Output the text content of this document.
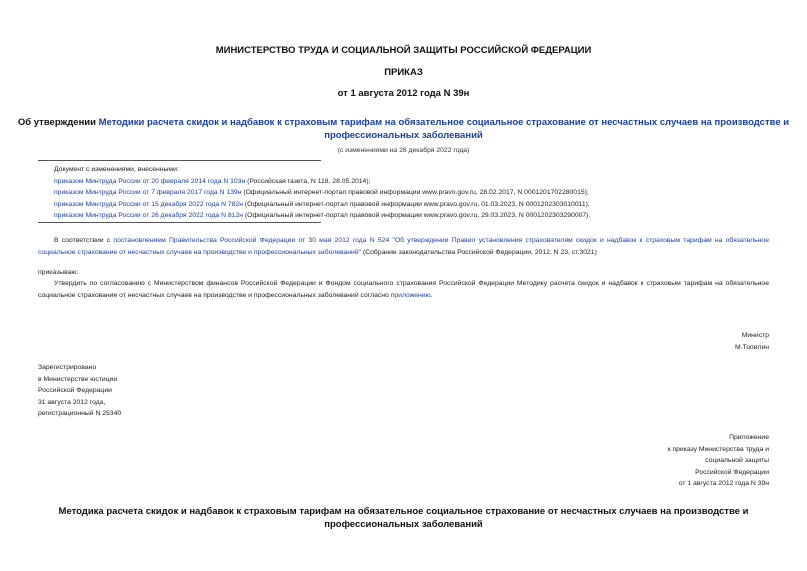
МИНИСТЕРСТВО ТРУДА И СОЦИАЛЬНОЙ ЗАЩИТЫ РОССИЙСКОЙ ФЕДЕРАЦИИ
ПРИКАЗ
от 1 августа 2012 года N 39н
Об утверждении Методики расчета скидок и надбавок к страховым тарифам на обязательное социальное страхование от несчастных случаев на производстве и
профессиональных заболеваний
(с изменениями на 26 декабря 2022 года)
Документ с изменениями, внесенными:
приказом Минтруда России от 20 февраля 2014 года N 103н (Российская газета, N 118, 28.05.2014);
приказом Минтруда России от 7 февраля 2017 года N 139н (Официальный интернет-портал правовой информации www.pravo.gov.ru, 28.02.2017, N 0001201702280015);
приказом Минтруда России от 15 декабря 2022 года N 782н (Официальный интернет-портал правовой информации www.pravo.gov.ru, 01.03.2023, N 0001202303010011);
приказом Минтруда России от 26 декабря 2022 года N 812н (Официальный интернет-портал правовой информации www.pravo.gov.ru, 29.03.2023, N 0001202303290007).
В соответствии с постановлением Правительства Российской Федерации от 30 мая 2012 года N 524 "Об утверждении Правил установления страхователям скидок и надбавок к страховым тарифам на обязательное социальное страхование от несчастных случаев на производстве и профессиональных заболеваний" (Собрание законодательства Российской Федерации, 2012, N 23, ст.3021)
приказываю:
Утвердить по согласованию с Министерством финансов Российской Федерации и Фондом социального страхования Российской Федерации Методику расчета скидок и надбавок к страховым тарифам на обязательное социальное страхование от несчастных случаев на производстве и профессиональных заболеваний согласно приложению.
Министр
М.Топилин
Зарегистрировано
в Министерстве юстиции
Российской Федерации
31 августа 2012 года,
регистрационный N 25340
Приложение
к приказу Министерства труда и
социальной защиты
Российской Федерации
от 1 августа 2012 года N 39н
Методика расчета скидок и надбавок к страховым тарифам на обязательное социальное страхование от несчастных случаев на производстве и
профессиональных заболеваний
